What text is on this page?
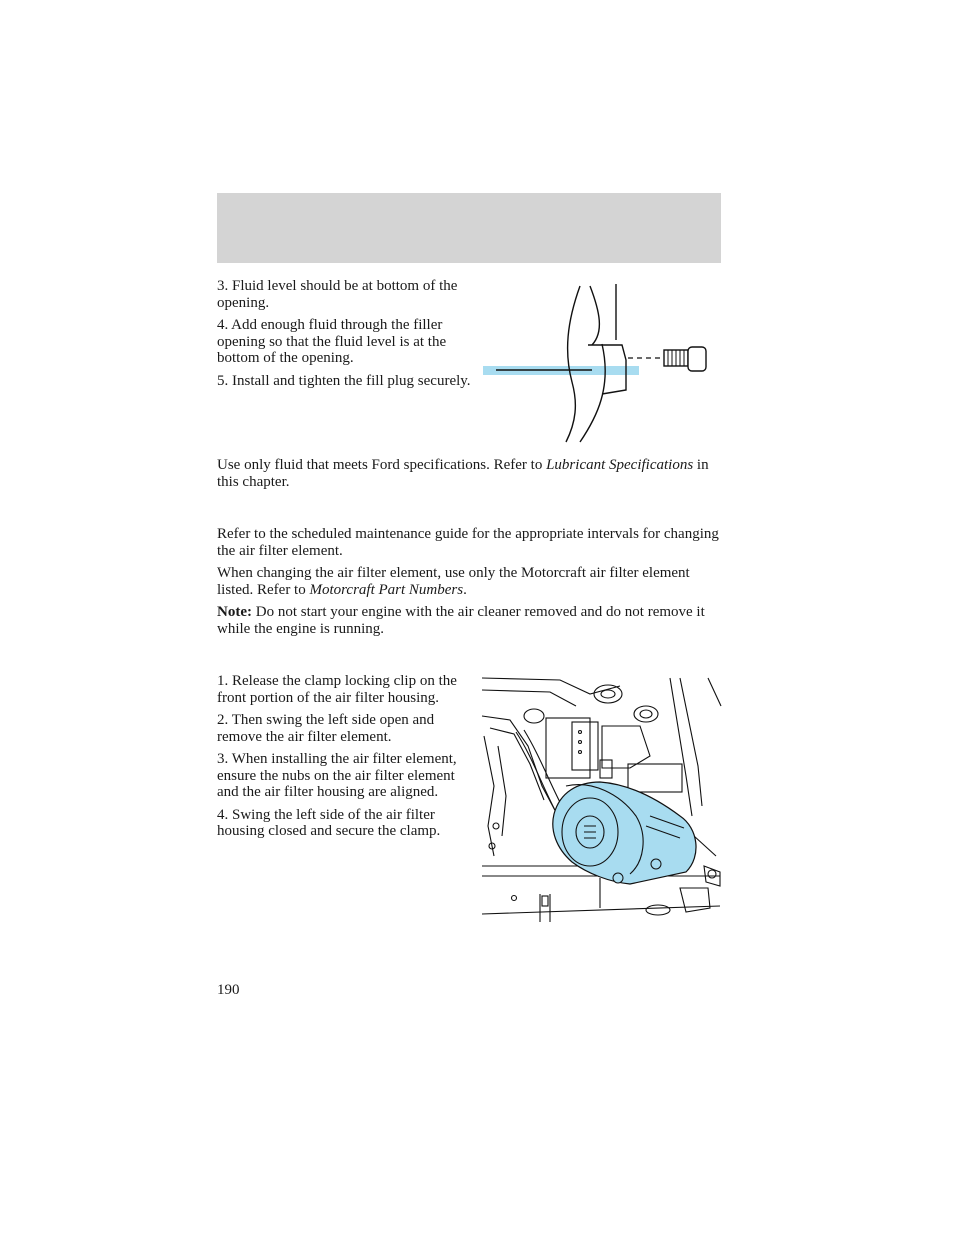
3. Fluid level should be at bottom of the opening.

4. Add enough fluid through the filler opening so that the fluid level is at the bottom of the opening.

5. Install and tighten the fill plug securely.

Use only fluid that meets Ford specifications. Refer to Lubricant Specifications in this chapter.

Refer to the scheduled maintenance guide for the appropriate intervals for changing the air filter element.

When changing the air filter element, use only the Motorcraft air filter element listed. Refer to Motorcraft Part Numbers.

Note: Do not start your engine with the air cleaner removed and do not remove it while the engine is running.

1. Release the clamp locking clip on the front portion of the air filter housing.

2. Then swing the left side open and remove the air filter element.

3. When installing the air filter element, ensure the nubs on the air filter element and the air filter housing are aligned.

4. Swing the left side of the air filter housing closed and secure the clamp.

190
